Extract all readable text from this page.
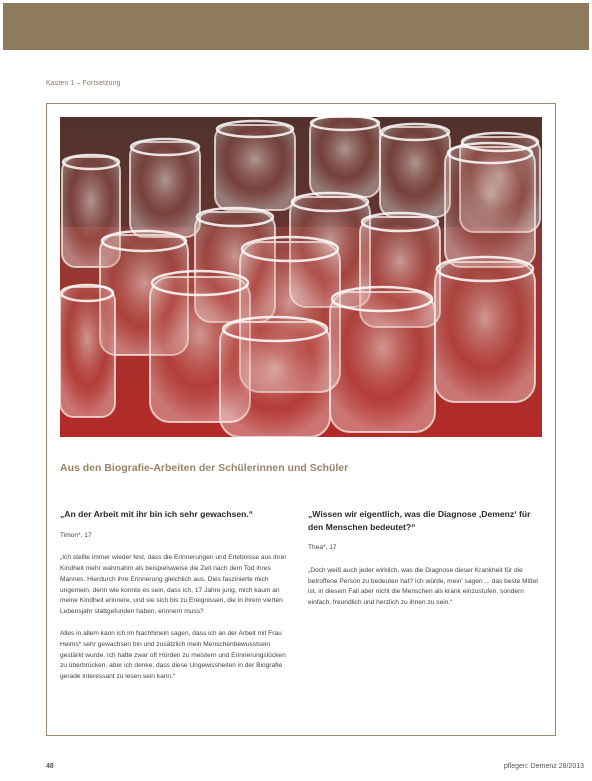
Kasten 1 – Fortsetzung
Aus den Biografie-Arbeiten der Schülerinnen und Schüler

„An der Arbeit mit ihr bin ich sehr gewachsen.“

Timon*, 17

„Ich stellte immer wieder fest, dass die Erinnerungen und Erlebnisse aus ihrer Kindheit mehr wahrnahm als beispielsweise die Zeit nach dem Tod ihres Mannes. Hierdurch ihre Erinnerung gleichlich aus. Dies faszinierte mich ungemein, denn wie konnte es sein, dass ich, 17 Jahre jung, mich kaum an meine Kindheit erinnere, und sie sich bis zu Ereignissen, die in ihrem vierten Lebensjahr stattgefunden haben, erinnern muss?

Alles in allem kann ich im Nachhinein sagen, dass ich an der Arbeit mit Frau Heims* sehr gewachsen bin und zusätzlich mein Menschenbewusstsein gestärkt wurde. Ich hatte zwar oft Hürden zu meistern und Erinnerungslücken zu überbrücken, aber ich denke, dass diese Ungewissheiten in der Biografie gerade interessant zu lesen sein kann.“

„Wissen wir eigentlich, was die Diagnose ‚Demenz‘ für den Menschen bedeutet?“

Thea*, 17

„Doch weiß auch jeder wirklich, was die Diagnose dieser Krankheit für die betroffene Person zu bedeuten hat? Ich würde, mein' sagen ... das beste Mittel ist, in diesem Fall aber nicht die Menschen als krank einzustufen, sondern einfach, freundlich und herzlich zu ihnen zu sein.“

48	pflegen: Demenz 28/2013
